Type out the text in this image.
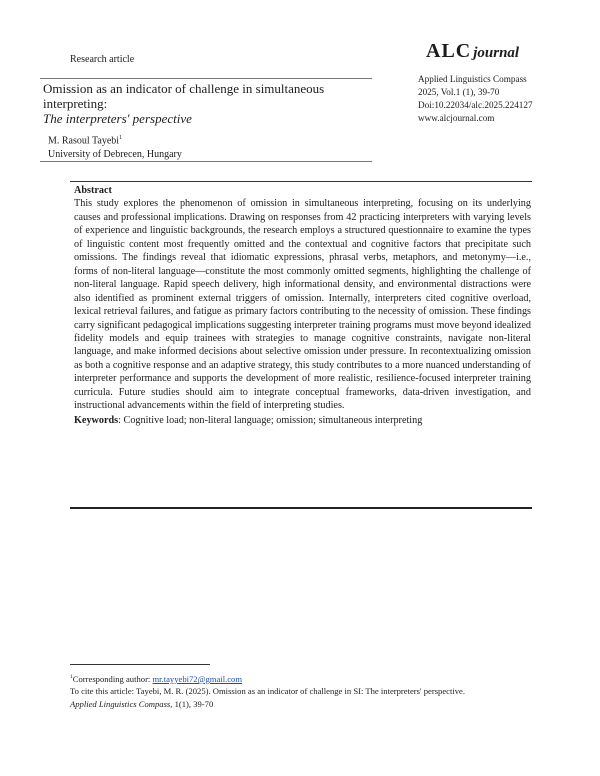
Research article	ALC journal
Applied Linguistics Compass
2025, Vol.1 (1), 39-70
Doi:10.22034/alc.2025.224127
www.alcjournal.com
Omission as an indicator of challenge in simultaneous interpreting:
The interpreters' perspective
M. Rasoul Tayebi$^1$
University of Debrecen, Hungary
Abstract

This study explores the phenomenon of omission in simultaneous interpreting, focusing on its underlying causes and professional implications. Drawing on responses from 42 practicing interpreters with varying levels of experience and linguistic backgrounds, the research employs a structured questionnaire to examine the types of linguistic content most frequently omitted and the contextual and cognitive factors that precipitate such omissions. The findings reveal that idiomatic expressions, phrasal verbs, metaphors, and metonymy—i.e., forms of non-literal language—constitute the most commonly omitted segments, highlighting the challenge of non-literal language. Rapid speech delivery, high informational density, and environmental distractions were also identified as prominent external triggers of omission. Internally, interpreters cited cognitive overload, lexical retrieval failures, and fatigue as primary factors contributing to the necessity of omission. These findings carry significant pedagogical implications suggesting interpreter training programs must move beyond idealized fidelity models and equip trainees with strategies to manage cognitive constraints, navigate non-literal language, and make informed decisions about selective omission under pressure. In recontextualizing omission as both a cognitive response and an adaptive strategy, this study contributes to a more nuanced understanding of interpreter performance and supports the development of more realistic, resilience-focused interpreter training curricula. Future studies should aim to integrate conceptual frameworks, data-driven investigation, and instructional advancements within the field of interpreting studies.

Keywords: Cognitive load; non-literal language; omission; simultaneous interpreting
$^1$Corresponding author: mr.tayyebi72@gmail.com
To cite this article: Tayebi, M. R. (2025). Omission as an indicator of challenge in SI: The interpreters' perspective.
Applied Linguistics Compass, 1(1), 39-70
